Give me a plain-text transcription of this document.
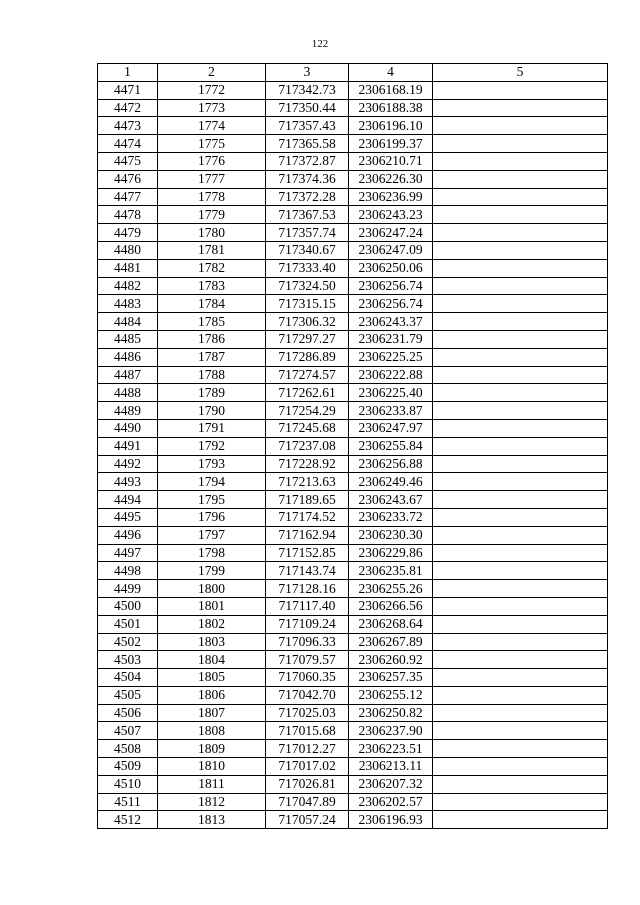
122
1	2	3	4	5
4471	1772	717342.73	2306168.19	
4472	1773	717350.44	2306188.38	
4473	1774	717357.43	2306196.10	
4474	1775	717365.58	2306199.37	
4475	1776	717372.87	2306210.71	
4476	1777	717374.36	2306226.30	
4477	1778	717372.28	2306236.99	
4478	1779	717367.53	2306243.23	
4479	1780	717357.74	2306247.24	
4480	1781	717340.67	2306247.09	
4481	1782	717333.40	2306250.06	
4482	1783	717324.50	2306256.74	
4483	1784	717315.15	2306256.74	
4484	1785	717306.32	2306243.37	
4485	1786	717297.27	2306231.79	
4486	1787	717286.89	2306225.25	
4487	1788	717274.57	2306222.88	
4488	1789	717262.61	2306225.40	
4489	1790	717254.29	2306233.87	
4490	1791	717245.68	2306247.97	
4491	1792	717237.08	2306255.84	
4492	1793	717228.92	2306256.88	
4493	1794	717213.63	2306249.46	
4494	1795	717189.65	2306243.67	
4495	1796	717174.52	2306233.72	
4496	1797	717162.94	2306230.30	
4497	1798	717152.85	2306229.86	
4498	1799	717143.74	2306235.81	
4499	1800	717128.16	2306255.26	
4500	1801	717117.40	2306266.56	
4501	1802	717109.24	2306268.64	
4502	1803	717096.33	2306267.89	
4503	1804	717079.57	2306260.92	
4504	1805	717060.35	2306257.35	
4505	1806	717042.70	2306255.12	
4506	1807	717025.03	2306250.82	
4507	1808	717015.68	2306237.90	
4508	1809	717012.27	2306223.51	
4509	1810	717017.02	2306213.11	
4510	1811	717026.81	2306207.32	
4511	1812	717047.89	2306202.57	
4512	1813	717057.24	2306196.93	
